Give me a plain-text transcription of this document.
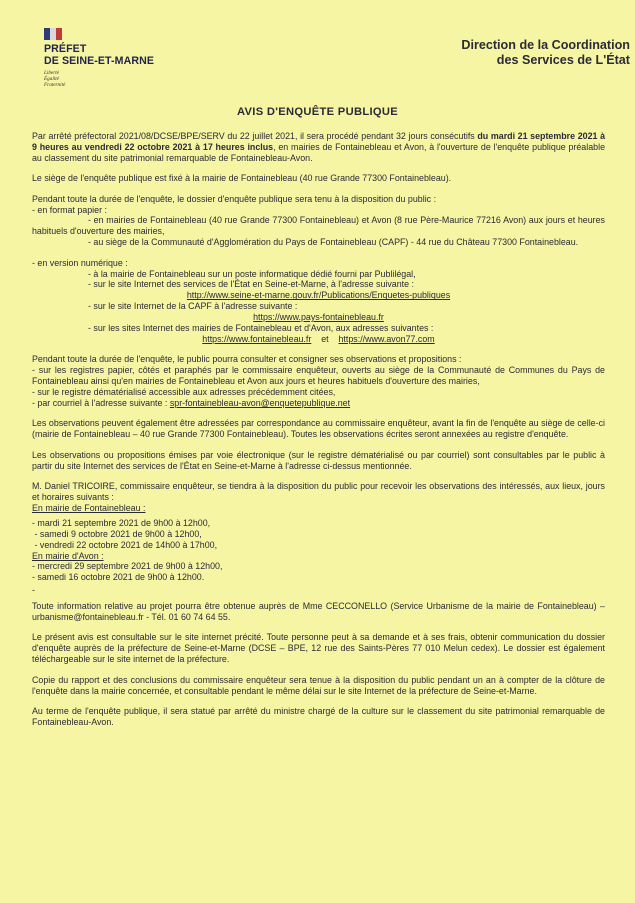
PRÉFET
DE SEINE-ET-MARNE
Liberté
Égalité
Fraternité
Direction de la Coordination
des Services de L'État
AVIS D'ENQUÊTE PUBLIQUE

Par arrêté préfectoral 2021/08/DCSE/BPE/SERV du 22 juillet 2021, il sera procédé pendant 32 jours consécutifs du mardi 21 septembre 2021 à 9 heures au vendredi 22 octobre 2021 à 17 heures inclus, en mairies de Fontainebleau et Avon, à l'ouverture de l'enquête publique préalable au classement du site patrimonial remarquable de Fontainebleau-Avon.

Le siège de l'enquête publique est fixé à la mairie de Fontainebleau (40 rue Grande 77300 Fontainebleau).

Pendant toute la durée de l'enquête, le dossier d'enquête publique sera tenu à la disposition du public :

- en format papier :

- en mairies de Fontainebleau (40 rue Grande 77300 Fontainebleau) et Avon (8 rue Père-Maurice 77216 Avon) aux jours et heures habituels d'ouverture des mairies,

- au siège de la Communauté d'Agglomération du Pays de Fontainebleau (CAPF) - 44 rue du Château 77300 Fontainebleau.

- en version numérique :

- à la mairie de Fontainebleau sur un poste informatique dédié fourni par Publilégal,

- sur le site Internet des services de l'État en Seine-et-Marne, à l'adresse suivante :

http://www.seine-et-marne.gouv.fr/Publications/Enquetes-publiques

- sur le site Internet de la CAPF à l'adresse suivante :

https://www.pays-fontainebleau.fr

- sur les sites Internet des mairies de Fontainebleau et d'Avon, aux adresses suivantes :

https://www.fontainebleau.fr et https://www.avon77.com

Pendant toute la durée de l'enquête, le public pourra consulter et consigner ses observations et propositions :

- sur les registres papier, côtés et paraphés par le commissaire enquêteur, ouverts au siège de la Communauté de Communes du Pays de Fontainebleau ainsi qu'en mairies de Fontainebleau et Avon aux jours et heures habituels d'ouverture des mairies,

- sur le registre dématérialisé accessible aux adresses précédemment citées,

- par courriel à l'adresse suivante : spr-fontainebleau-avon@enquetepublique.net

Les observations peuvent également être adressées par correspondance au commissaire enquêteur, avant la fin de l'enquête au siège de celle-ci (mairie de Fontainebleau – 40 rue Grande 77300 Fontainebleau). Toutes les observations écrites seront annexées au registre d'enquête.

Les observations ou propositions émises par voie électronique (sur le registre dématérialisé ou par courriel) sont consultables par le public à partir du site Internet des services de l'État en Seine-et-Marne à l'adresse ci-dessus mentionnée.

M. Daniel TRICOIRE, commissaire enquêteur, se tiendra à la disposition du public pour recevoir les observations des intéressés, aux lieux, jours et horaires suivants :

En mairie de Fontainebleau :

- mardi 21 septembre 2021 de 9h00 à 12h00,

- samedi 9 octobre 2021 de 9h00 à 12h00,

- vendredi 22 octobre 2021 de 14h00 à 17h00,

En mairie d'Avon :

- mercredi 29 septembre 2021 de 9h00 à 12h00,

- samedi 16 octobre 2021 de 9h00 à 12h00.

-

Toute information relative au projet pourra être obtenue auprès de Mme CECCONELLO (Service Urbanisme de la mairie de Fontainebleau) – urbanisme@fontainebleau.fr - Tél. 01 60 74 64 55.

Le présent avis est consultable sur le site internet précité. Toute personne peut à sa demande et à ses frais, obtenir communication du dossier d'enquête auprès de la préfecture de Seine-et-Marne (DCSE – BPE, 12 rue des Saints-Pères 77 010 Melun cedex). Le dossier est également téléchargeable sur le site internet de la préfecture.

Copie du rapport et des conclusions du commissaire enquêteur sera tenue à la disposition du public pendant un an à compter de la clôture de l'enquête dans la mairie concernée, et consultable pendant le même délai sur le site Internet de la préfecture de Seine-et-Marne.

Au terme de l'enquête publique, il sera statué par arrêté du ministre chargé de la culture sur le classement du site patrimonial remarquable de Fontainebleau-Avon.
